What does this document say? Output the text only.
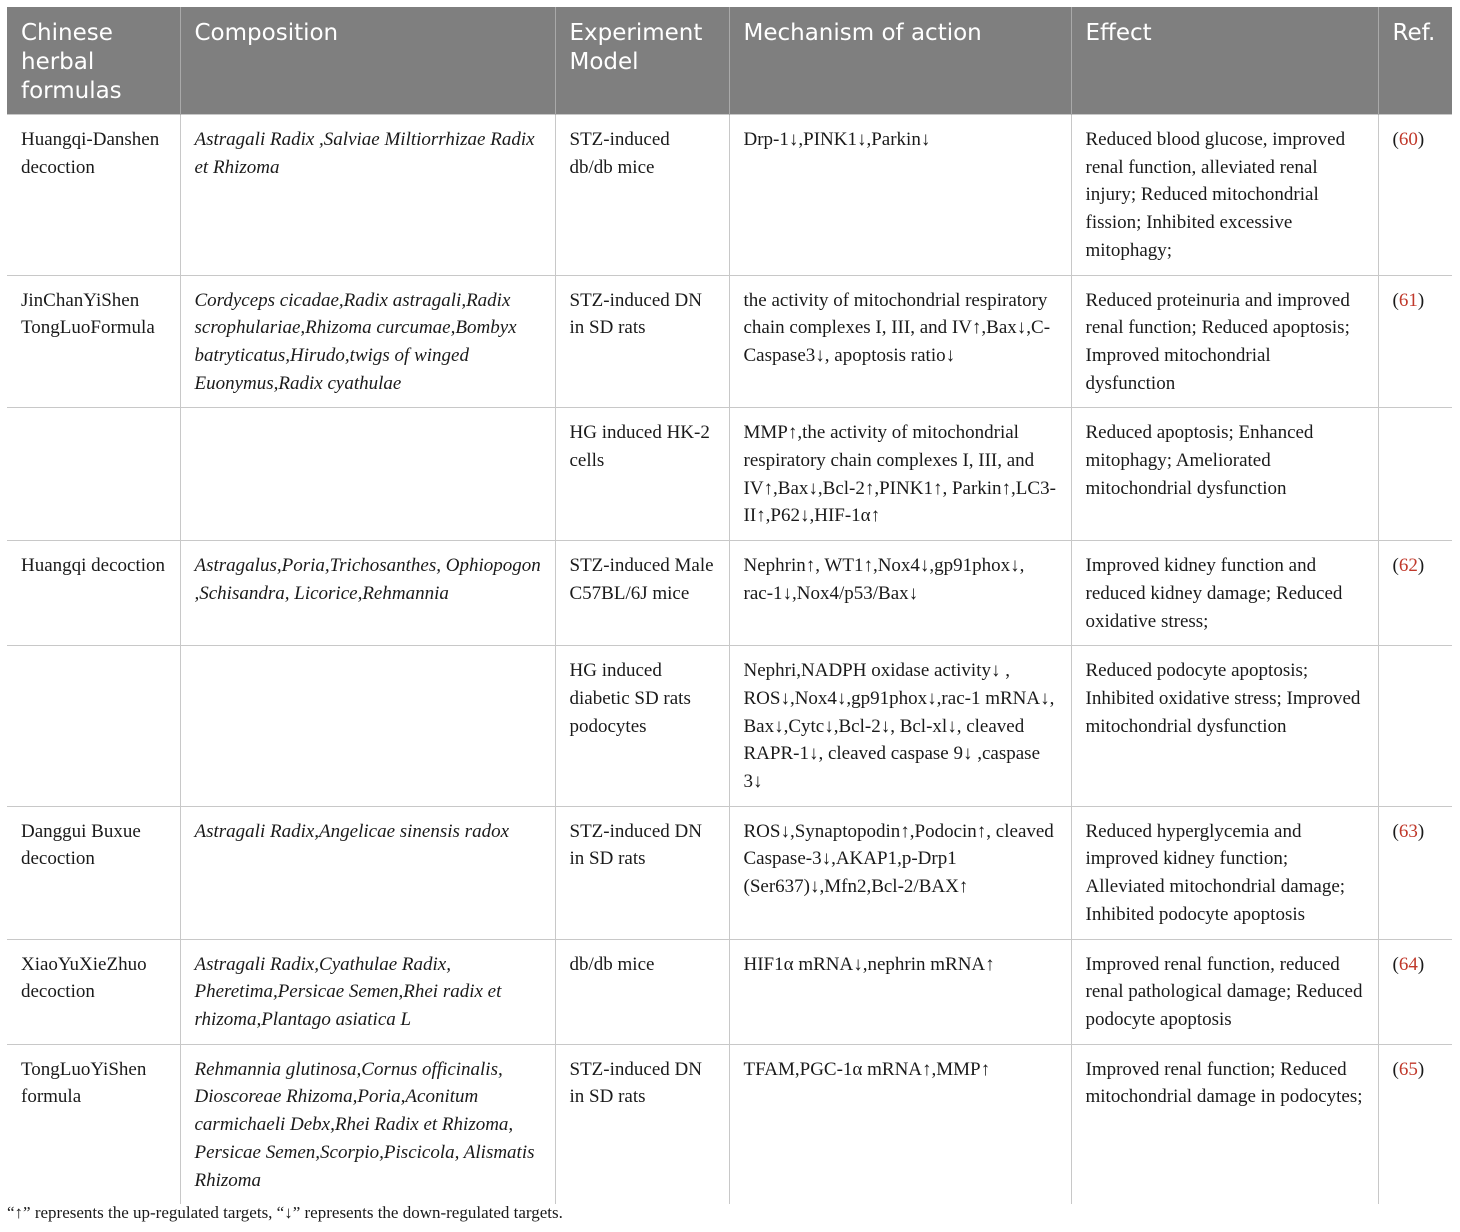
Chinese herbal formulas	Composition	Experiment Model	Mechanism of action	Effect	Ref.
Huangqi-Danshen decoction	Astragali Radix ,Salviae Miltiorrhizae Radix et Rhizoma	STZ-induced db/db mice	Drp-1↓,PINK1↓,Parkin↓	Reduced blood glucose, improved renal function, alleviated renal injury; Reduced mitochondrial fission; Inhibited excessive mitophagy;	(60)
JinChanYiShen TongLuoFormula	Cordyceps cicadae,Radix astragali,Radix scrophulariae,Rhizoma curcumae,Bombyx batryticatus,Hirudo,twigs of winged Euonymus,Radix cyathulae	STZ-induced DN in SD rats	the activity of mitochondrial respiratory chain complexes I, III, and IV↑,Bax↓,C-Caspase3↓, apoptosis ratio↓	Reduced proteinuria and improved renal function; Reduced apoptosis; Improved mitochondrial dysfunction	(61)
		HG induced HK-2 cells	MMP↑,the activity of mitochondrial respiratory chain complexes I, III, and IV↑,Bax↓,Bcl-2↑,PINK1↑, Parkin↑,LC3-II↑,P62↓,HIF-1α↑	Reduced apoptosis; Enhanced mitophagy; Ameliorated mitochondrial dysfunction	
Huangqi decoction	Astragalus,Poria,Trichosanthes, Ophiopogon ,Schisandra, Licorice,Rehmannia	STZ-induced Male C57BL/6J mice	Nephrin↑, WT1↑,Nox4↓,gp91phox↓, rac-1↓,Nox4/p53/Bax↓	Improved kidney function and reduced kidney damage; Reduced oxidative stress;	(62)
		HG induced diabetic SD rats podocytes	Nephri,NADPH oxidase activity↓ , ROS↓,Nox4↓,gp91phox↓,rac-1 mRNA↓, Bax↓,Cytc↓,Bcl-2↓, Bcl-xl↓, cleaved RAPR-1↓, cleaved caspase 9↓ ,caspase 3↓	Reduced podocyte apoptosis; Inhibited oxidative stress; Improved mitochondrial dysfunction	
Danggui Buxue decoction	Astragali Radix,Angelicae sinensis radox	STZ-induced DN in SD rats	ROS↓,Synaptopodin↑,Podocin↑, cleaved Caspase-3↓,AKAP1,p-Drp1 (Ser637)↓,Mfn2,Bcl-2/BAX↑	Reduced hyperglycemia and improved kidney function; Alleviated mitochondrial damage; Inhibited podocyte apoptosis	(63)
XiaoYuXieZhuo decoction	Astragali Radix,Cyathulae Radix, Pheretima,Persicae Semen,Rhei radix et rhizoma,Plantago asiatica L	db/db mice	HIF1α mRNA↓,nephrin mRNA↑	Improved renal function, reduced renal pathological damage; Reduced podocyte apoptosis	(64)
TongLuoYiShen formula	Rehmannia glutinosa,Cornus officinalis, Dioscoreae Rhizoma,Poria,Aconitum carmichaeli Debx,Rhei Radix et Rhizoma, Persicae Semen,Scorpio,Piscicola, Alismatis Rhizoma	STZ-induced DN in SD rats	TFAM,PGC-1α mRNA↑,MMP↑	Improved renal function; Reduced mitochondrial damage in podocytes;	(65)
“↑” represents the up-regulated targets, “↓” represents the down-regulated targets.
